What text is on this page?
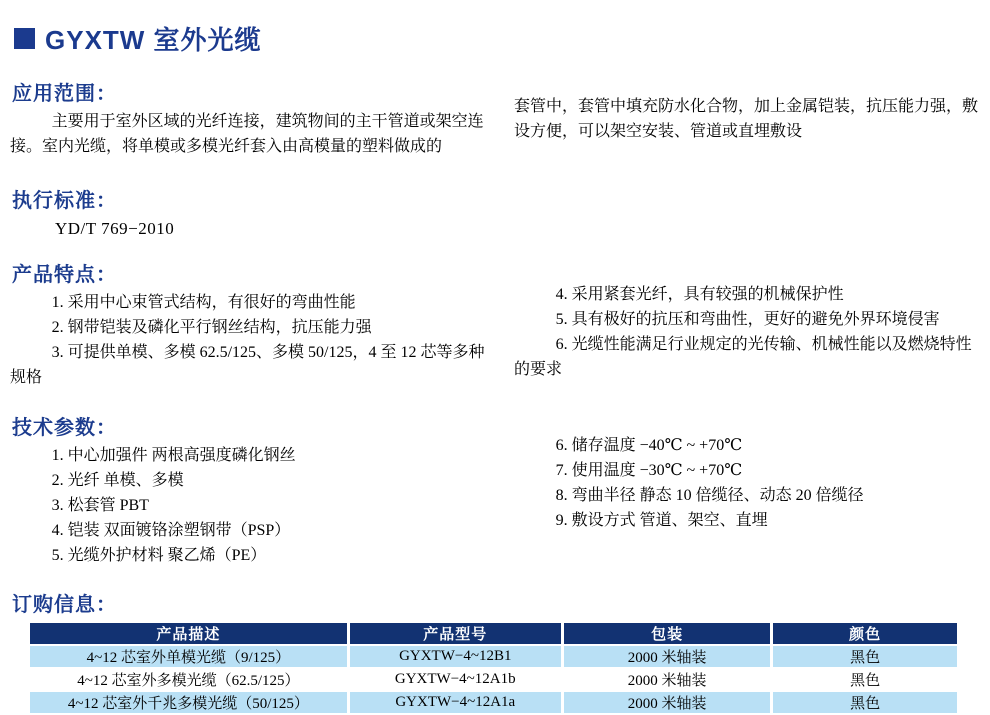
GYXTW 室外光缆
应用范围：

主要用于室外区域的光纤连接，建筑物间的主干管道或架空连接。室内光缆，将单模或多模光纤套入由高模量的塑料做成的

套管中，套管中填充防水化合物，加上金属铠装，抗压能力强，敷设方便，可以架空安装、管道或直埋敷设

执行标准：

YD/T 769−2010

产品特点：

1. 采用中心束管式结构，有很好的弯曲性能

2. 钢带铠装及磷化平行钢丝结构，抗压能力强

3. 可提供单模、多模 62.5/125、多模 50/125，4 至 12 芯等多种规格

4. 采用紧套光纤，具有较强的机械保护性

5. 具有极好的抗压和弯曲性，更好的避免外界环境侵害

6. 光缆性能满足行业规定的光传输、机械性能以及燃烧特性的要求

技术参数：

1. 中心加强件 两根高强度磷化钢丝

2. 光纤 单模、多模

3. 松套管 PBT

4. 铠装 双面镀铬涂塑钢带（PSP）

5. 光缆外护材料 聚乙烯（PE）

6. 储存温度 −40℃ ~ +70℃

7. 使用温度 −30℃ ~ +70℃

8. 弯曲半径 静态 10 倍缆径、动态 20 倍缆径

9. 敷设方式 管道、架空、直埋

订购信息：
产品描述	产品型号	包装	颜色
4~12 芯室外单模光缆（9/125）	GYXTW−4~12B1	2000 米轴装	黑色
4~12 芯室外多模光缆（62.5/125）	GYXTW−4~12A1b	2000 米轴装	黑色
4~12 芯室外千兆多模光缆（50/125）	GYXTW−4~12A1a	2000 米轴装	黑色
